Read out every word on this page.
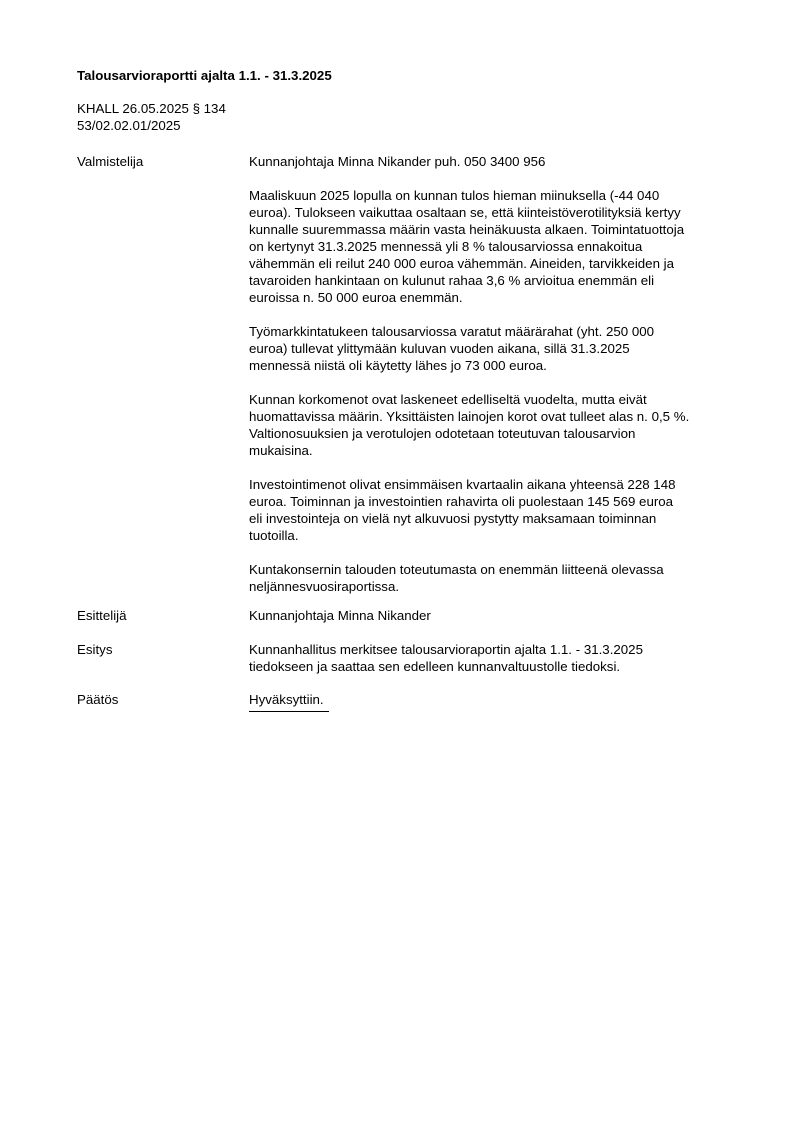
Talousarvioraportti ajalta 1.1. - 31.3.2025
KHALL 26.05.2025 § 134
53/02.02.01/2025
Valmistelija	Kunnanjohtaja Minna Nikander puh. 050 3400 956

Maaliskuun 2025 lopulla on kunnan tulos hieman miinuksella (-44 040
euroa). Tulokseen vaikuttaa osaltaan se, että kiinteistöverotilityksiä kertyy
kunnalle suuremmassa määrin vasta heinäkuusta alkaen. Toimintatuottoja
on kertynyt 31.3.2025 mennessä yli 8 % talousarviossa ennakoitua
vähemmän eli reilut 240 000 euroa vähemmän. Aineiden, tarvikkeiden ja
tavaroiden hankintaan on kulunut rahaa 3,6 % arvioitua enemmän eli
euroissa n. 50 000 euroa enemmän.

Työmarkkintatukeen talousarviossa varatut määrärahat (yht. 250 000
euroa) tullevat ylittymään kuluvan vuoden aikana, sillä 31.3.2025
mennessä niistä oli käytetty lähes jo 73 000 euroa.

Kunnan korkomenot ovat laskeneet edelliseltä vuodelta, mutta eivät
huomattavissa määrin. Yksittäisten lainojen korot ovat tulleet alas n. 0,5 %.
Valtionosuuksien ja verotulojen odotetaan toteutuvan talousarvion
mukaisina.

Investointimenot olivat ensimmäisen kvartaalin aikana yhteensä 228 148
euroa. Toiminnan ja investointien rahavirta oli puolestaan 145 569 euroa
eli investointeja on vielä nyt alkuvuosi pystytty maksamaan toiminnan
tuotoilla.

Kuntakonsernin talouden toteutumasta on enemmän liitteenä olevassa
neljännesvuosiraportissa.

Esittelijä	Kunnanjohtaja Minna Nikander
Esitys	Kunnanhallitus merkitsee talousarvioraportin ajalta 1.1. - 31.3.2025
tiedokseen ja saattaa sen edelleen kunnanvaltuustolle tiedoksi.
Päätös	Hyväksyttiin.
